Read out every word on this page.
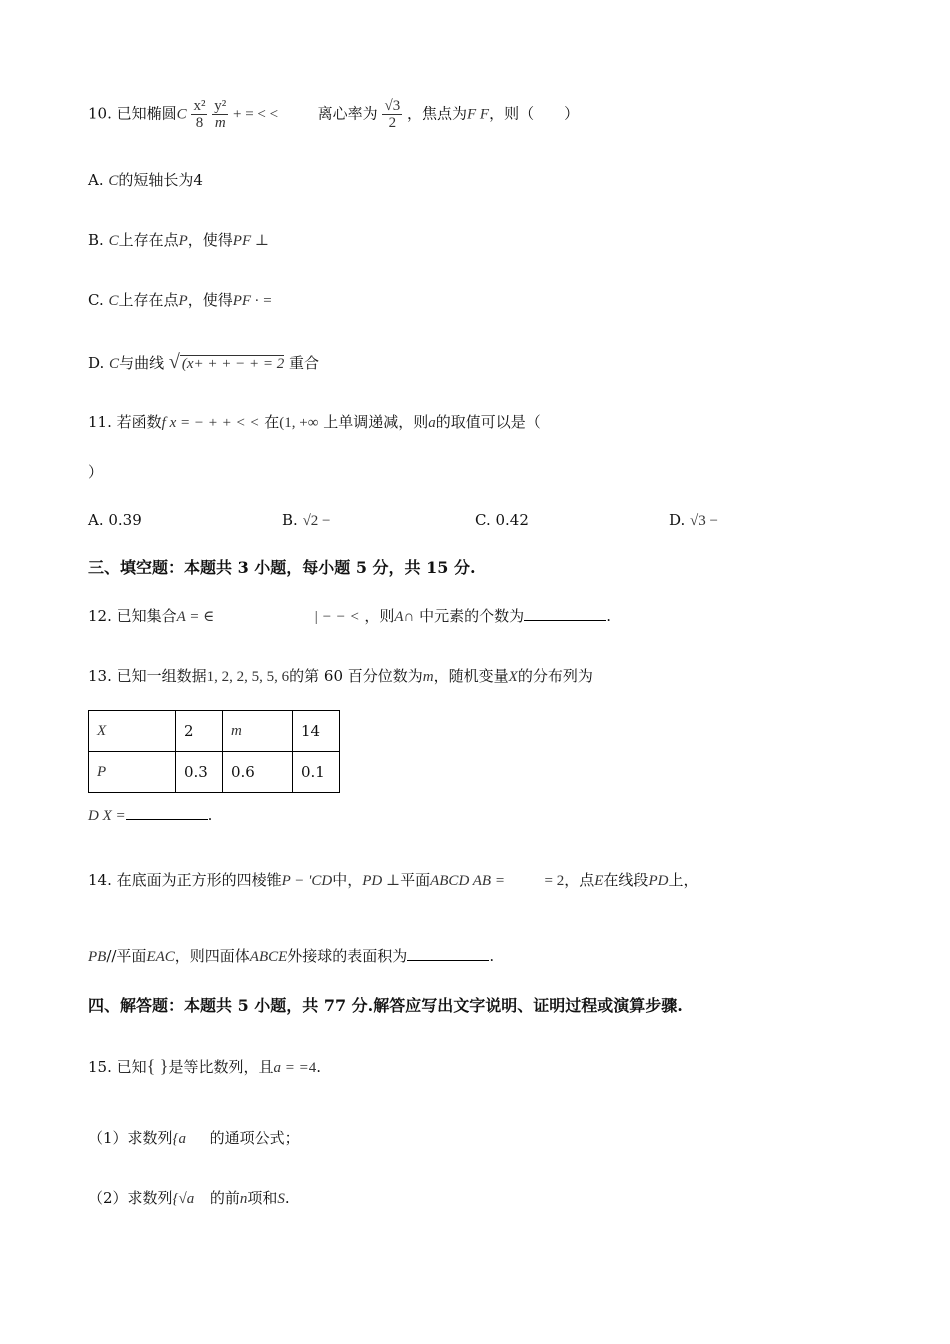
10. 已知椭圆C $\frac{\text{x²}}{8}$
$\frac{\text{y²}}{m}$ + = < <	离心率为 $\frac{√3}{2}$ ，焦点为F F，则（　　）
A. C的短轴长为4
B. C上存在点P，使得PF ⊥
C. C上存在点P，使得PF · =
D. C与曲线 √ (x+ + + − + = 2 重合
11. 若函数f x = − + + < < 在(1, +∞ 上单调递减，则a的取值可以是（
）
A. 0.39	B. √2 −	C. 0.42	D. √3 −
三、填空题：本题共 3 小题，每小题 5 分，共 15 分.
12. 已知集合A = ∈	| − − < ，则A∩ 中元素的个数为	.
13. 已知一组数据1, 2, 2, 5, 5, 6的第 60 百分位数为m，随机变量X的分布列为
X	2	m	14
P	0.3	0.6	0.1
D X =	.
14. 在底面为正方形的四棱锥P − 'CD中，PD ⊥平面ABCD AB =	= 2，点E在线段PD上，
PB//平面EAC，则四面体ABCE外接球的表面积为	.
四、解答题：本题共 5 小题，共 77 分.解答应写出文字说明、证明过程或演算步骤.
15. 已知{ }是等比数列，且a = =4.
（1）求数列{a 的通项公式；
（2）求数列{√a 的前n项和S.
